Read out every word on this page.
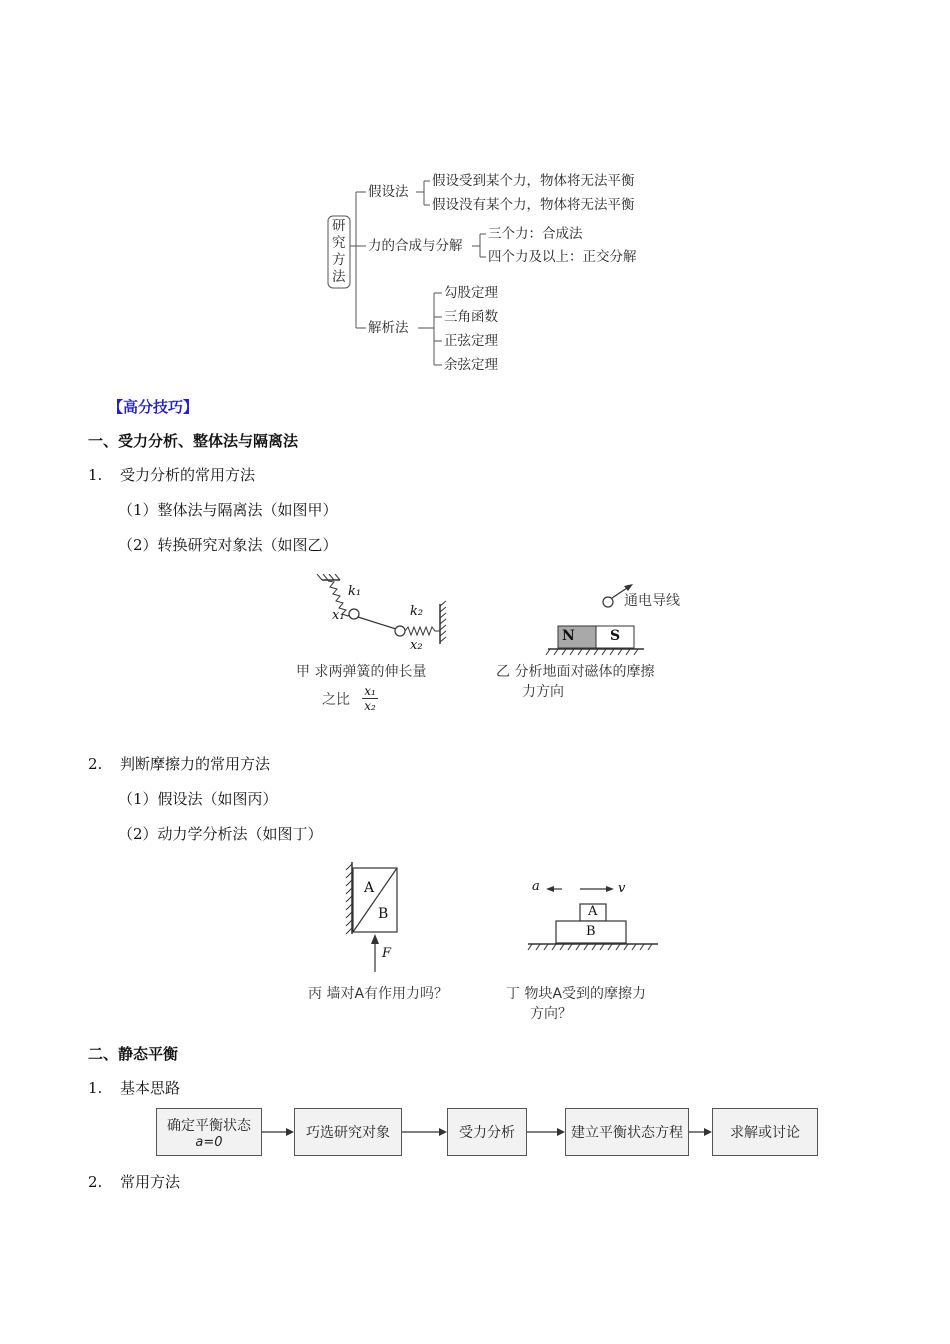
研究方法
假设法
假设受到某个力，物体将无法平衡
假设没有某个力，物体将无法平衡
力的合成与分解
三个力：合成法
四个力及以上：正交分解
解析法
勾股定理
三角函数
正弦定理
余弦定理
【高分技巧】
一、受力分析、整体法与隔离法
1. 受力分析的常用方法
（1）整体法与隔离法（如图甲）
（2）转换研究对象法（如图乙）
k₁
x₁	k₂
x₂
甲 求两弹簧的伸长量
之比
x₁
x₂
通电导线
N	S
乙 分析地面对磁体的摩擦
力方向
2. 判断摩擦力的常用方法
（1）假设法（如图丙）
（2）动力学分析法（如图丁）
A
B
F
丙 墙对A有作用力吗？
a	v
A
B
丁 物块A受到的摩擦力
方向？
二、静态平衡
1. 基本思路
确定平衡状态
a=0
巧选研究对象	受力分析	建立平衡状态方程	求解或讨论
2. 常用方法
